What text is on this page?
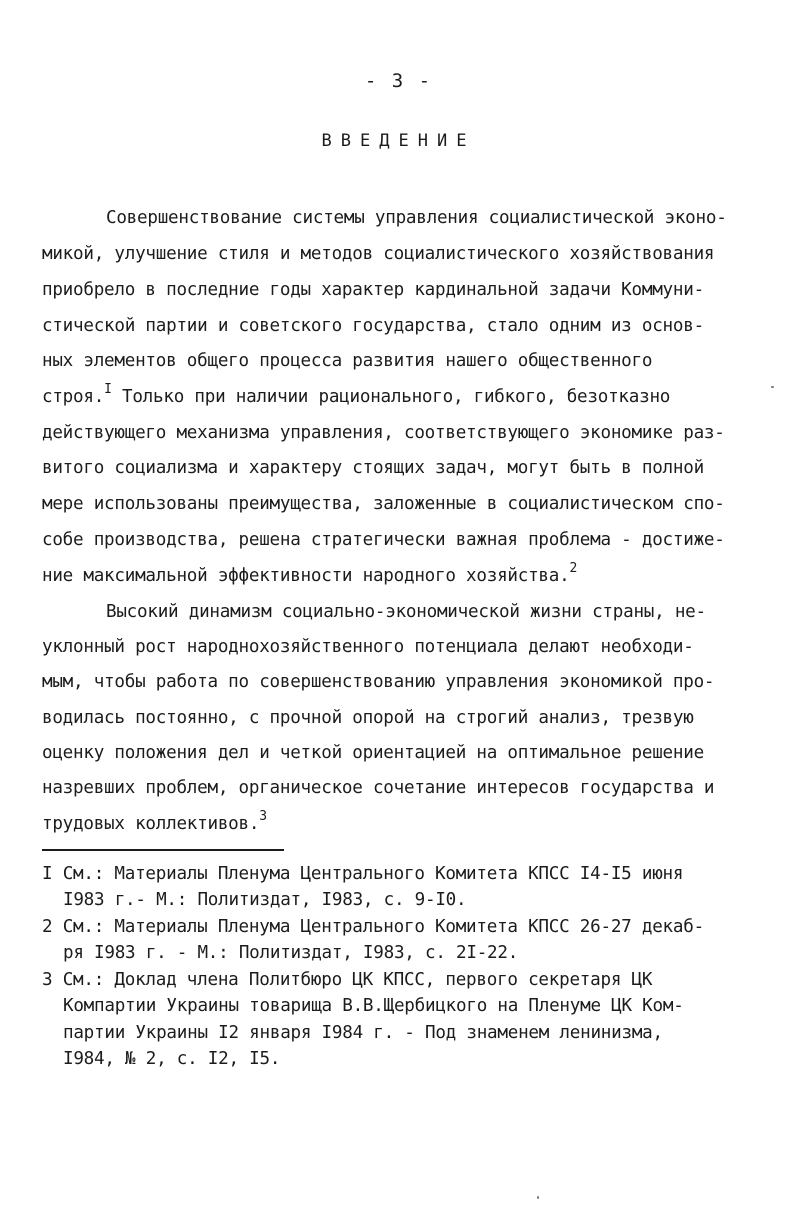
- 3 -
ВВЕДЕНИЕ
Совершенствование системы управления социалистической эконо-
микой, улучшение стиля и методов социалистического хозяйствования
приобрело в последние годы характер кардинальной задачи Коммуни-
стической партии и советского государства, стало одним из основ-
ных элементов общего процесса развития нашего общественного
строя.$^I$ Только при наличии рационального, гибкого, безотказно
действующего механизма управления, соответствующего экономике раз-
витого социализма и характеру стоящих задач, могут быть в полной
мере использованы преимущества, заложенные в социалистическом спо-
собе производства, решена стратегически важная проблема - достиже-
ние максимальной эффективности народного хозяйства.$^2$
Высокий динамизм социально-экономической жизни страны, не-
уклонный рост народнохозяйственного потенциала делают необходи-
мым, чтобы работа по совершенствованию управления экономикой про-
водилась постоянно, с прочной опорой на строгий анализ, трезвую
оценку положения дел и четкой ориентацией на оптимальное решение
назревших проблем, органическое сочетание интересов государства и
трудовых коллективов.$^3$
I См.: Материалы Пленума Центрального Комитета КПСС I4-I5 июня
I983 г.- М.: Политиздат, I983, с. 9-I0.
2 См.: Материалы Пленума Центрального Комитета КПСС 26-27 декаб-
ря I983 г. - М.: Политиздат, I983, с. 2I-22.
3 См.: Доклад члена Политбюро ЦК КПСС, первого секретаря ЦК
Компартии Украины товарища В.В.Щербицкого на Пленуме ЦК Ком-
партии Украины I2 января I984 г. - Под знаменем ленинизма,
I984, № 2, с. I2, I5.
